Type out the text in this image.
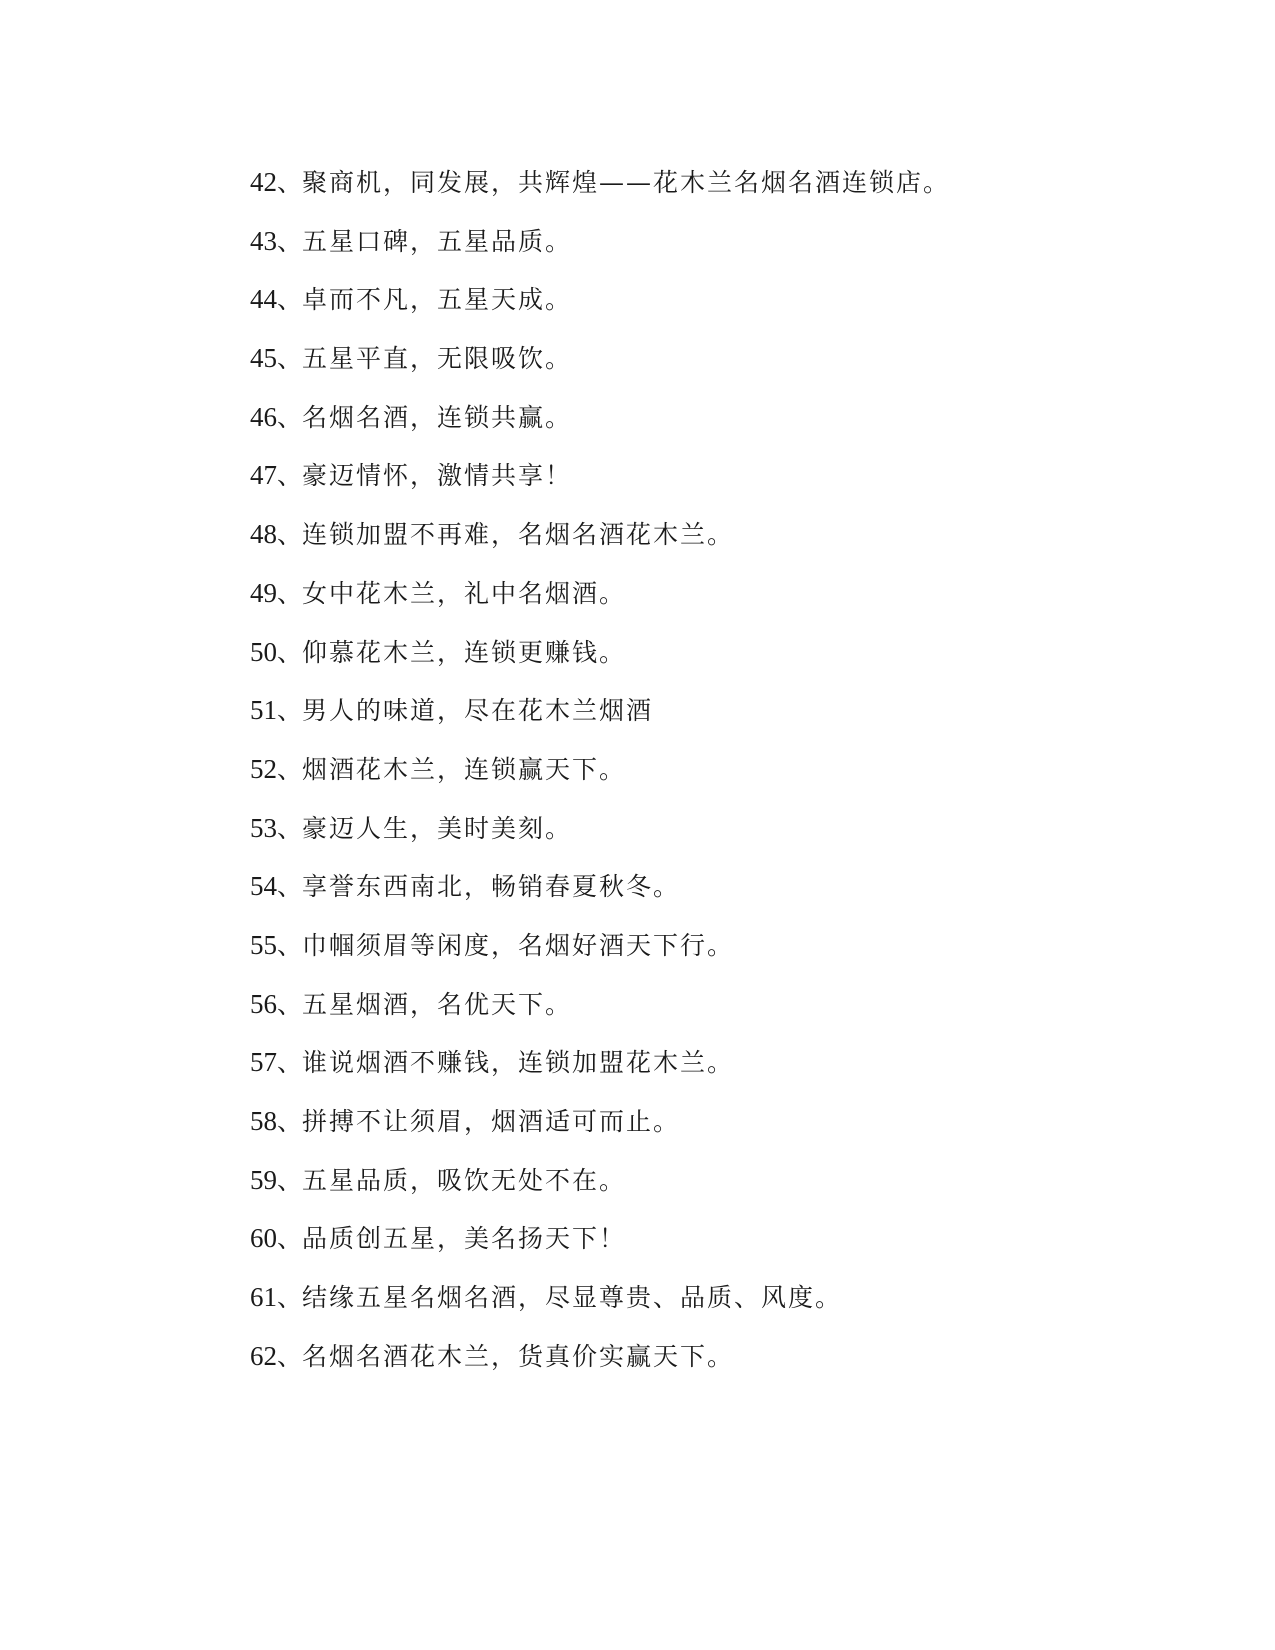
42 、 聚商机，同发展，共辉煌——花木兰名烟名酒连锁店。
43 、 五星口碑，五星品质。
44 、 卓而不凡，五星天成。
45 、 五星平直，无限吸饮。
46 、 名烟名酒，连锁共赢。
47 、 豪迈情怀，激情共享！
48 、 连锁加盟不再难，名烟名酒花木兰。
49 、 女中花木兰，礼中名烟酒。
50 、 仰慕花木兰，连锁更赚钱。
51 、 男人的味道，尽在花木兰烟酒
52 、 烟酒花木兰，连锁赢天下。
53 、 豪迈人生，美时美刻。
54 、 享誉东西南北，畅销春夏秋冬。
55 、 巾帼须眉等闲度，名烟好酒天下行。
56 、 五星烟酒，名优天下。
57 、 谁说烟酒不赚钱，连锁加盟花木兰。
58 、 拼搏不让须眉，烟酒适可而止。
59 、 五星品质，吸饮无处不在。
60 、 品质创五星，美名扬天下！
61 、 结缘五星名烟名酒，尽显尊贵、品质、风度。
62 、 名烟名酒花木兰，货真价实赢天下。
